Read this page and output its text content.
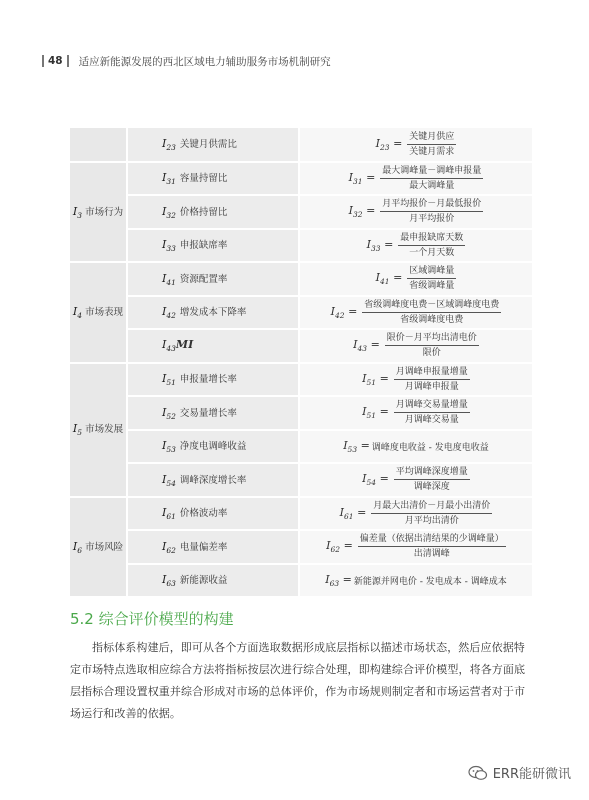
48 适应新能源发展的西北区域电力辅助服务市场机制研究
	$I_{23}$ 关键月供需比	$I_{23} = \frac{\text{关键月供应}}{\text{关键月需求}}$

$I_3$ 市场行为	$I_{31}$ 容量持留比	$I_{31} = \frac{\text{最大调峰量－调峰申报量}}{\text{最大调峰量}}$

	$I_{32}$ 价格持留比	$I_{32} = \frac{\text{月平均报价－月最低报价}}{\text{月平均报价}}$

	$I_{33}$ 申报缺席率	$I_{33} = \frac{\text{最申报缺席天数}}{\text{一个月天数}}$

$I_4$ 市场表现	$I_{41}$ 资源配置率	$I_{41} = \frac{\text{区域调峰量}}{\text{省级调峰量}}$

	$I_{42}$ 增发成本下降率	$I_{42} = \frac{\text{省级调峰度电费－区域调峰度电费}}{\text{省级调峰度电费}}$

	$I_{43}MI$	$I_{43} = \frac{\text{限价－月平均出清电价}}{\text{限价}}$

$I_5$ 市场发展	$I_{51}$ 申报量增长率	$I_{51} = \frac{\text{月调峰申报量增量}}{\text{月调峰申报量}}$

	$I_{52}$ 交易量增长率	$I_{51} = \frac{\text{月调峰交易量增量}}{\text{月调峰交易量}}$

	$I_{53}$ 净度电调峰收益	$I_{53}$ = 调峰度电收益 - 发电度电收益

	$I_{54}$ 调峰深度增长率	$I_{54} = \frac{\text{平均调峰深度增量}}{\text{调峰深度}}$

$I_6$ 市场风险	$I_{61}$ 价格波动率	$I_{61} = \frac{\text{月最大出清价－月最小出清价}}{\text{月平均出清价}}$

	$I_{62}$ 电量偏差率	$I_{62} = \frac{\text{偏差量（依据出清结果的少调峰量）}}{\text{出清调峰}}$

	$I_{63}$ 新能源收益	$I_{63}$ = 新能源并网电价 - 发电成本 - 调峰成本
5.2 综合评价模型的构建

指标体系构建后，即可从各个方面选取数据形成底层指标以描述市场状态，然后应依据特定市场特点选取相应综合方法将指标按层次进行综合处理，即构建综合评价模型，将各方面底层指标合理设置权重并综合形成对市场的总体评价，作为市场规则制定者和市场运营者对于市场运行和改善的依据。

ERR能研微讯
